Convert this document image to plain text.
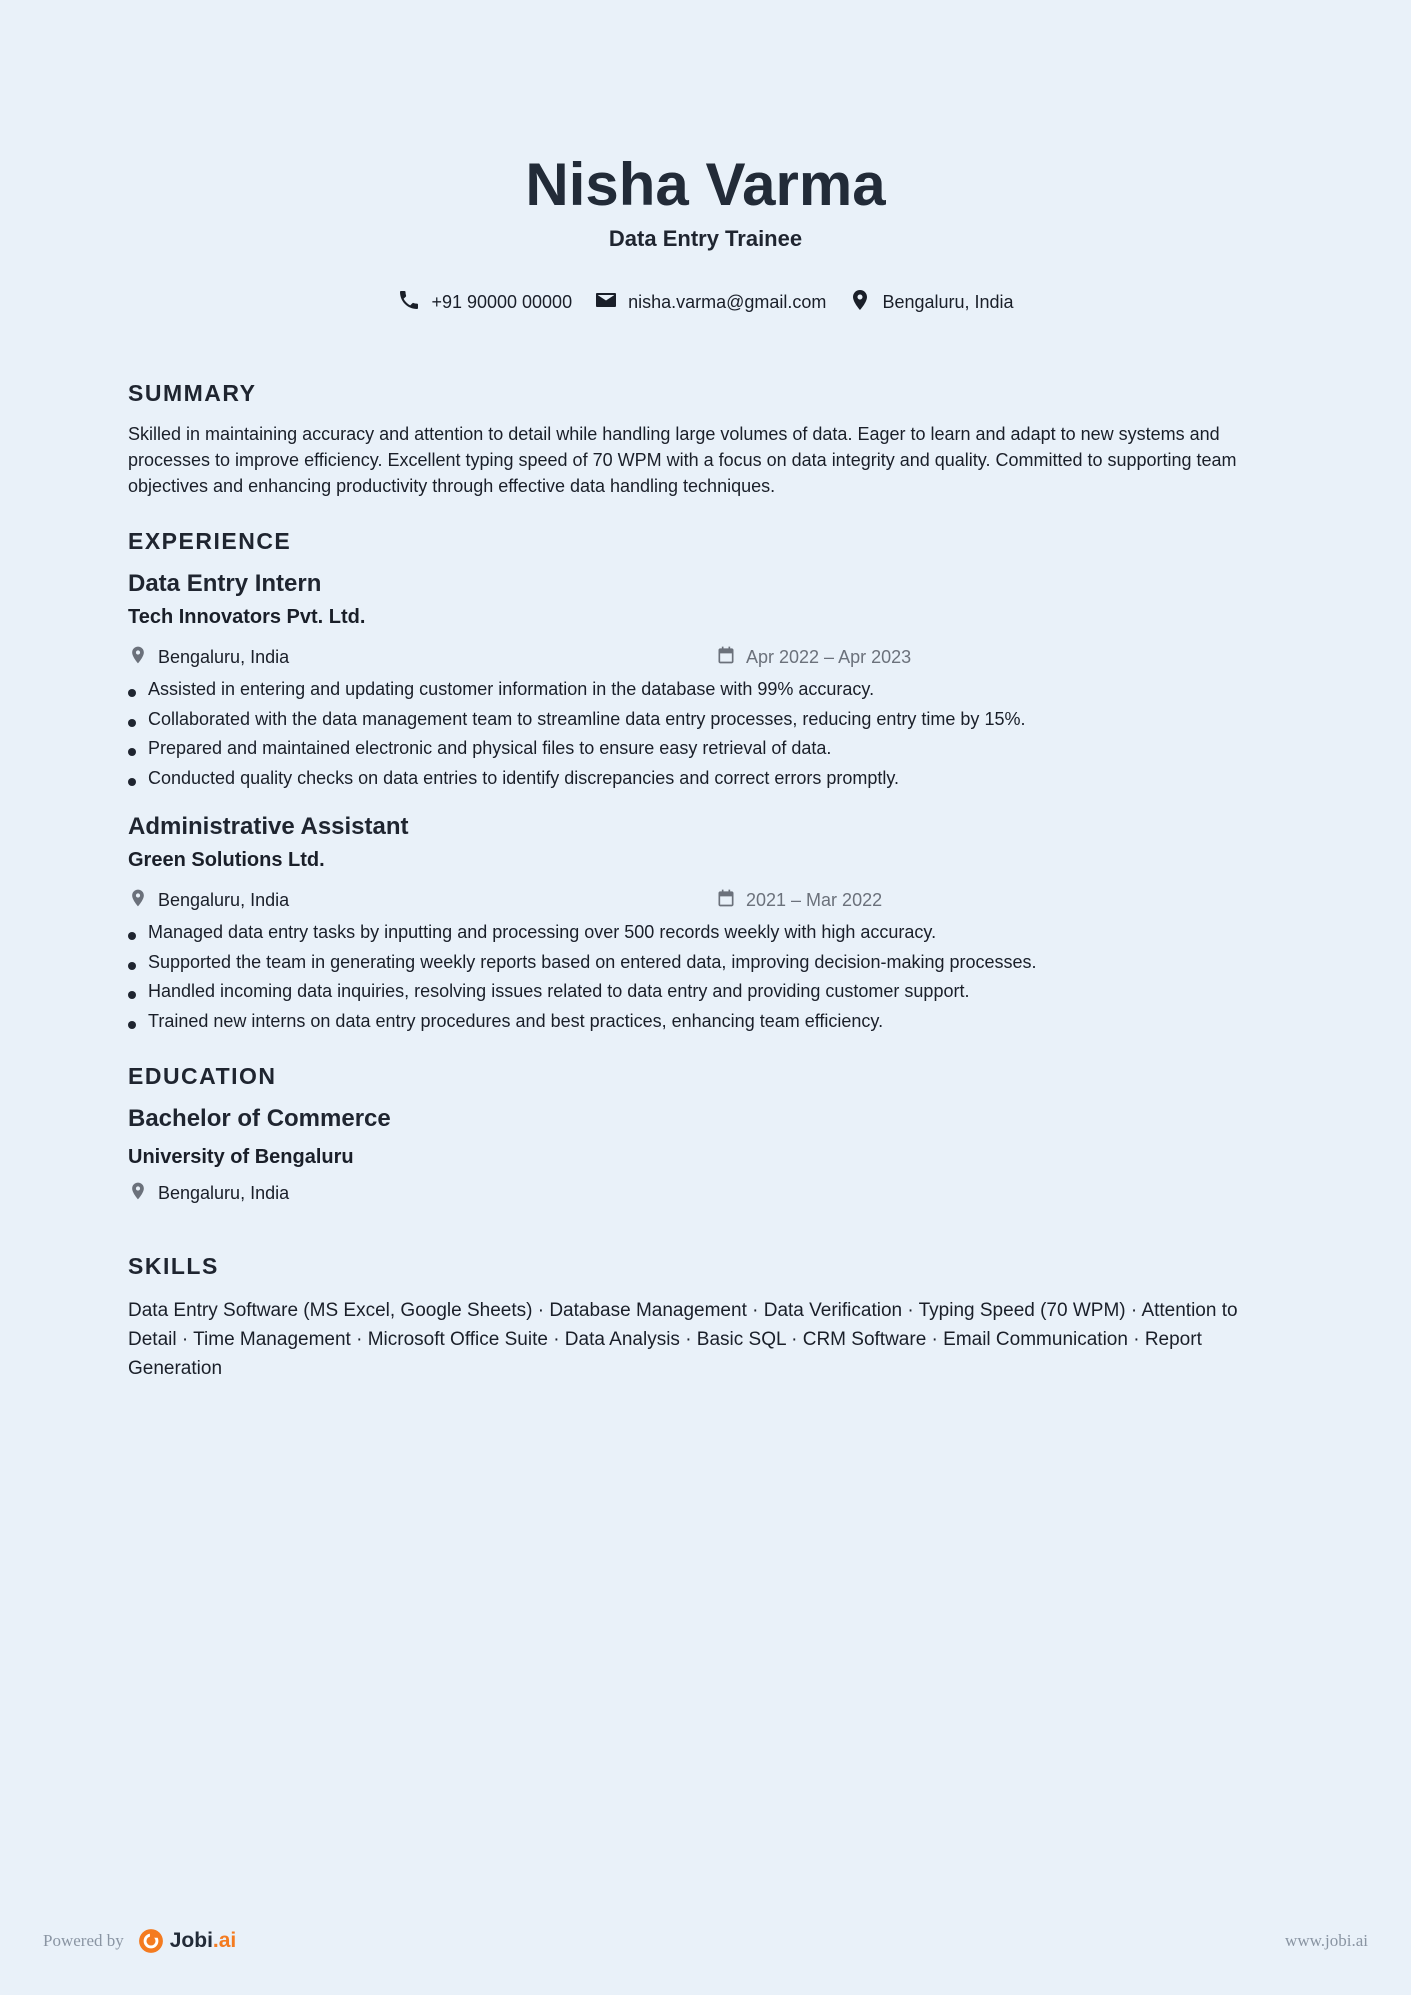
Nisha Varma
Data Entry Trainee
+91 90000 00000	nisha.varma@gmail.com	Bengaluru, India
SUMMARY
Skilled in maintaining accuracy and attention to detail while handling large volumes of data. Eager to learn and adapt to new systems and processes to improve efficiency. Excellent typing speed of 70 WPM with a focus on data integrity and quality. Committed to supporting team objectives and enhancing productivity through effective data handling techniques.
EXPERIENCE
Data Entry Intern
Tech Innovators Pvt. Ltd.
Bengaluru, India	Apr 2022 – Apr 2023
Assisted in entering and updating customer information in the database with 99% accuracy.
Collaborated with the data management team to streamline data entry processes, reducing entry time by 15%.
Prepared and maintained electronic and physical files to ensure easy retrieval of data.
Conducted quality checks on data entries to identify discrepancies and correct errors promptly.
Administrative Assistant
Green Solutions Ltd.
Bengaluru, India	2021 – Mar 2022
Managed data entry tasks by inputting and processing over 500 records weekly with high accuracy.
Supported the team in generating weekly reports based on entered data, improving decision-making processes.
Handled incoming data inquiries, resolving issues related to data entry and providing customer support.
Trained new interns on data entry procedures and best practices, enhancing team efficiency.
EDUCATION
Bachelor of Commerce
University of Bengaluru
Bengaluru, India
SKILLS
Data Entry Software (MS Excel, Google Sheets) · Database Management · Data Verification · Typing Speed (70 WPM) · Attention to Detail · Time Management · Microsoft Office Suite · Data Analysis · Basic SQL · CRM Software · Email Communication · Report Generation
Powered by Jobi .ai	www.jobi.ai
